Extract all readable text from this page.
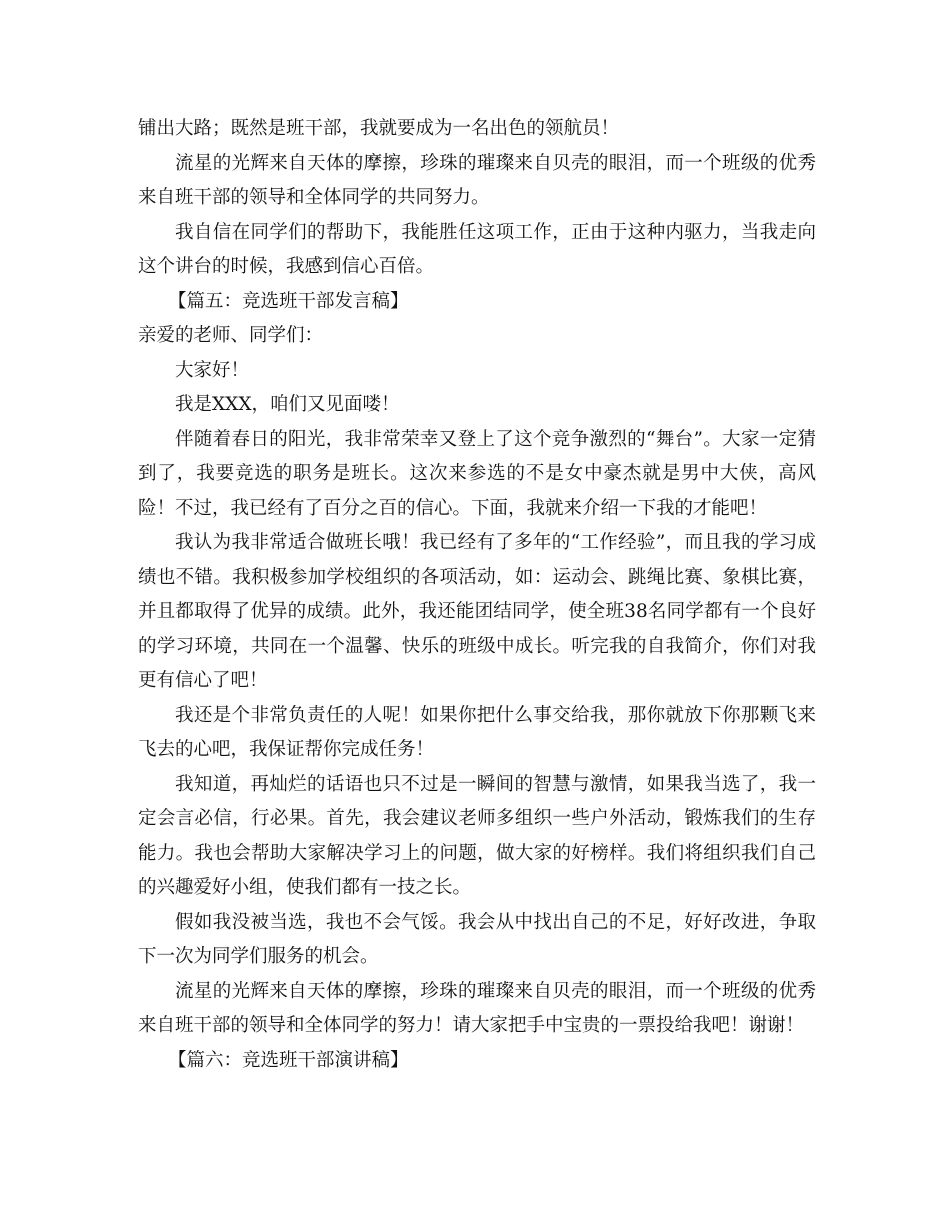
铺出大路；既然是班干部，我就要成为一名出色的领航员！

流星的光辉来自天体的摩擦，珍珠的璀璨来自贝壳的眼泪，而一个班级的优秀来自班干部的领导和全体同学的共同努力。

我自信在同学们的帮助下，我能胜任这项工作，正由于这种内驱力，当我走向这个讲台的时候，我感到信心百倍。

【篇五：竞选班干部发言稿】

亲爱的老师、同学们：

大家好！

我是XXX，咱们又见面喽！

伴随着春日的阳光，我非常荣幸又登上了这个竞争激烈的“舞台”。大家一定猜到了，我要竞选的职务是班长。这次来参选的不是女中豪杰就是男中大侠，高风险！不过，我已经有了百分之百的信心。下面，我就来介绍一下我的才能吧！

我认为我非常适合做班长哦！我已经有了多年的“工作经验”，而且我的学习成绩也不错。我积极参加学校组织的各项活动，如：运动会、跳绳比赛、象棋比赛，并且都取得了优异的成绩。此外，我还能团结同学，使全班38名同学都有一个良好的学习环境，共同在一个温馨、快乐的班级中成长。听完我的自我简介，你们对我更有信心了吧！

我还是个非常负责任的人呢！如果你把什么事交给我，那你就放下你那颗飞来飞去的心吧，我保证帮你完成任务！

我知道，再灿烂的话语也只不过是一瞬间的智慧与激情，如果我当选了，我一定会言必信，行必果。首先，我会建议老师多组织一些户外活动，锻炼我们的生存能力。我也会帮助大家解决学习上的问题，做大家的好榜样。我们将组织我们自己的兴趣爱好小组，使我们都有一技之长。

假如我没被当选，我也不会气馁。我会从中找出自己的不足，好好改进，争取下一次为同学们服务的机会。

流星的光辉来自天体的摩擦，珍珠的璀璨来自贝壳的眼泪，而一个班级的优秀来自班干部的领导和全体同学的努力！请大家把手中宝贵的一票投给我吧！谢谢！

【篇六：竞选班干部演讲稿】
